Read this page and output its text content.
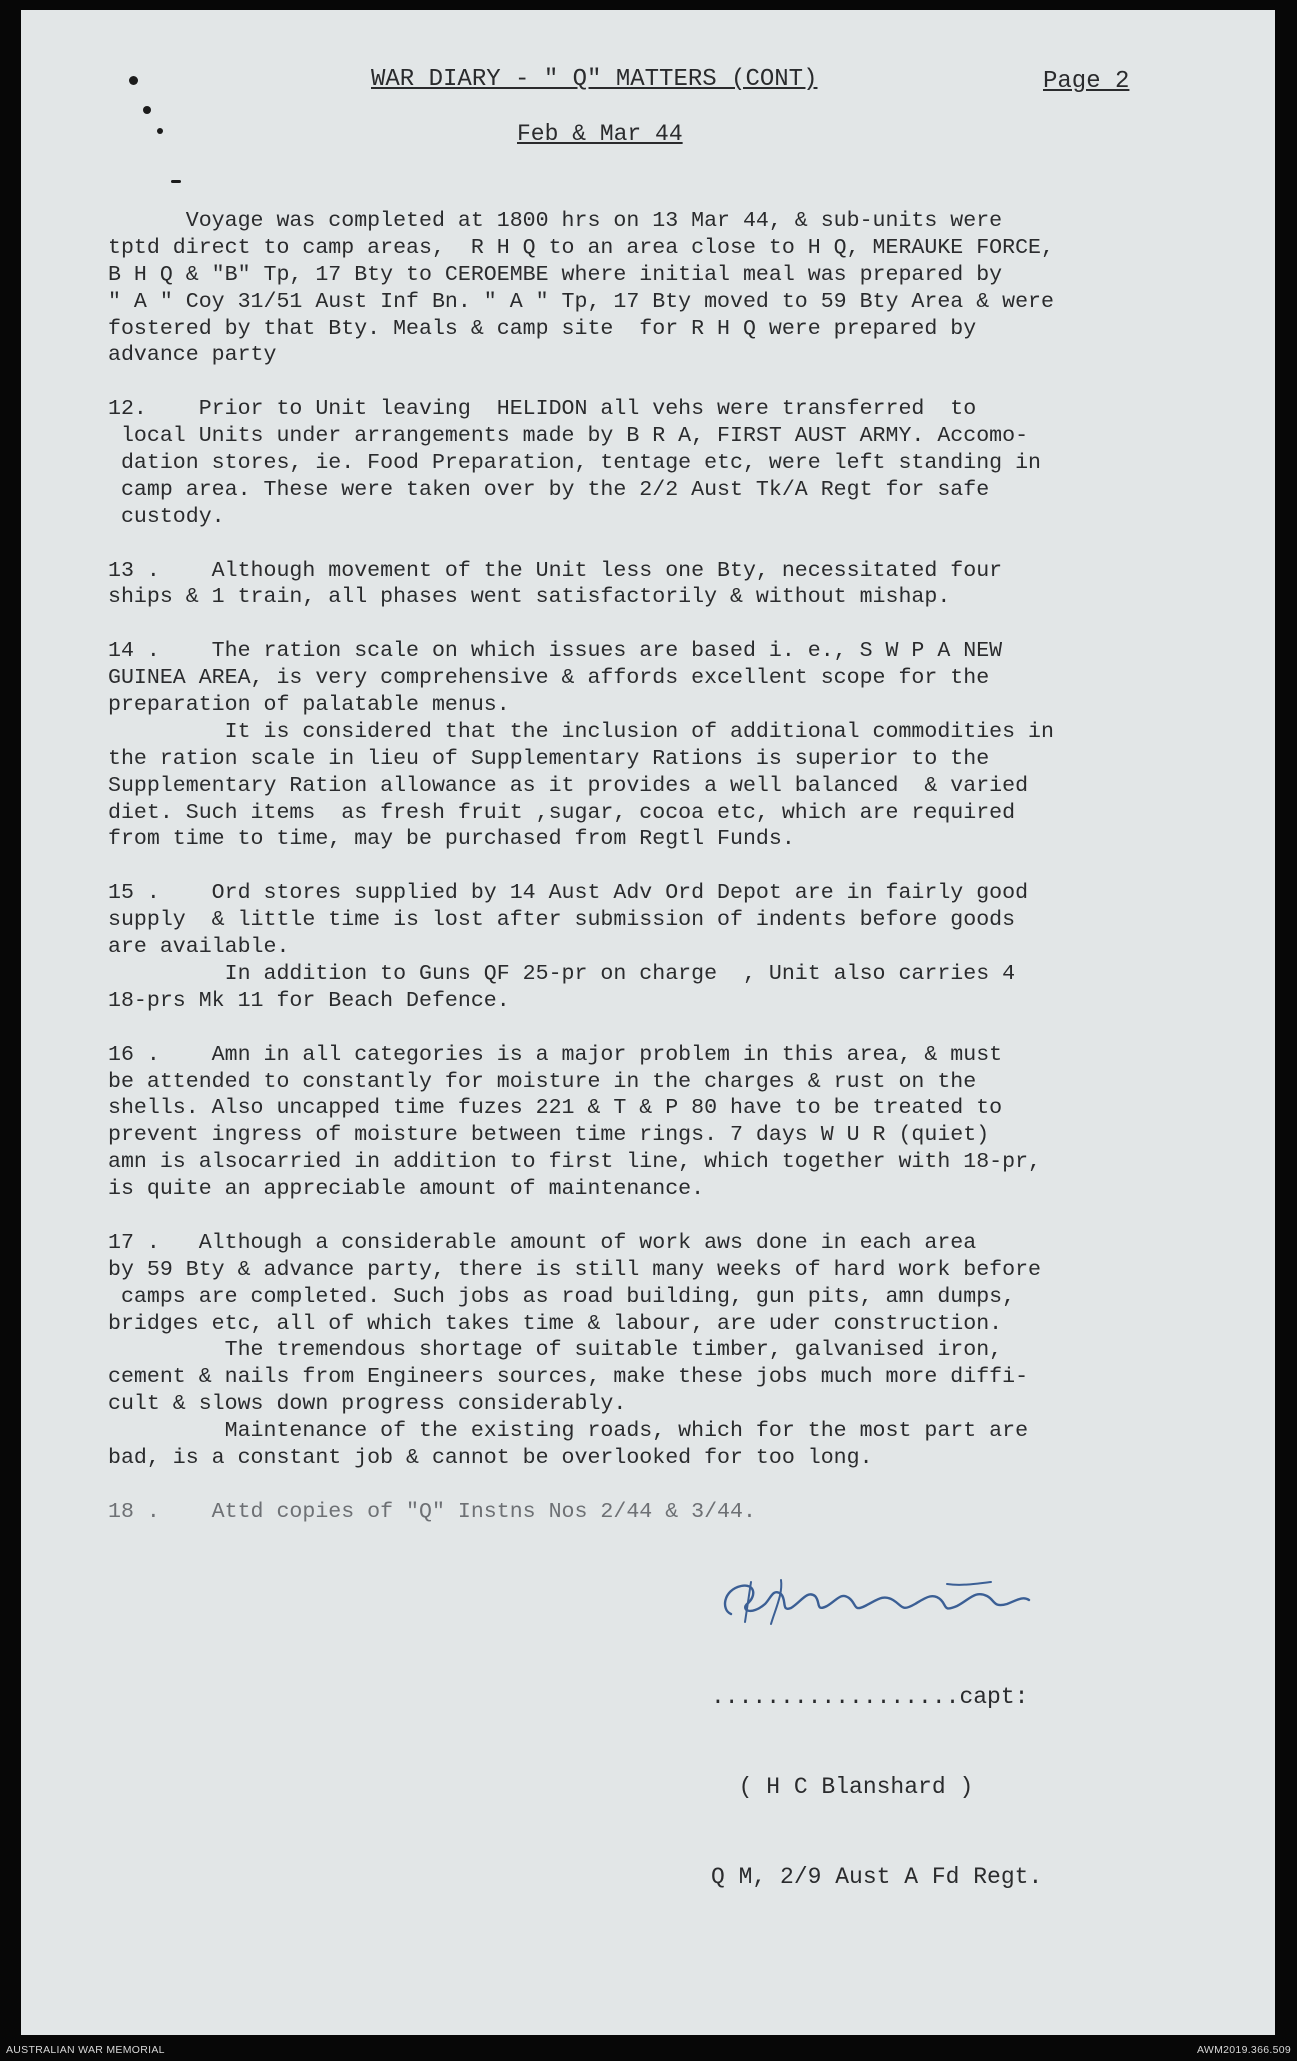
WAR DIARY - " Q" MATTERS (CONT)	Page 2
Feb & Mar 44
Voyage was completed at 1800 hrs on 13 Mar 44, & sub-units were
tptd direct to camp areas,  R H Q to an area close to H Q, MERAUKE FORCE,
B H Q & "B" Tp, 17 Bty to CEROEMBE where initial meal was prepared by
" A " Coy 31/51 Aust Inf Bn. " A " Tp, 17 Bty moved to 59 Bty Area & were
fostered by that Bty. Meals & camp site  for R H Q were prepared by
advance party
12.    Prior to Unit leaving  HELIDON all vehs were transferred  to
local Units under arrangements made by B R A, FIRST AUST ARMY. Accomo-
dation stores, ie. Food Preparation, tentage etc, were left standing in
camp area. These were taken over by the 2/2 Aust Tk/A Regt for safe
custody.
13 .    Although movement of the Unit less one Bty, necessitated four
ships & 1 train, all phases went satisfactorily & without mishap.
14 .    The ration scale on which issues are based i. e., S W P A NEW
GUINEA AREA, is very comprehensive & affords excellent scope for the
preparation of palatable menus.
It is considered that the inclusion of additional commodities in
the ration scale in lieu of Supplementary Rations is superior to the
Supplementary Ration allowance as it provides a well balanced  & varied
diet. Such items  as fresh fruit ,sugar, cocoa etc, which are required
from time to time, may be purchased from Regtl Funds.
15 .    Ord stores supplied by 14 Aust Adv Ord Depot are in fairly good
supply  & little time is lost after submission of indents before goods
are available.
In addition to Guns QF 25-pr on charge  , Unit also carries 4
18-prs Mk 11 for Beach Defence.
16 .    Amn in all categories is a major problem in this area, & must
be attended to constantly for moisture in the charges & rust on the
shells. Also uncapped time fuzes 221 & T & P 80 have to be treated to
prevent ingress of moisture between time rings. 7 days W U R (quiet)
amn is alsocarried in addition to first line, which together with 18-pr,
is quite an appreciable amount of maintenance.
17 .   Although a considerable amount of work aws done in each area
by 59 Bty & advance party, there is still many weeks of hard work before
camps are completed. Such jobs as road building, gun pits, amn dumps,
bridges etc, all of which takes time & labour, are uder construction.
The tremendous shortage of suitable timber, galvanised iron,
cement & nails from Engineers sources, make these jobs much more diffi-
cult & slows down progress considerably.
Maintenance of the existing roads, which for the most part are
bad, is a constant job & cannot be overlooked for too long.
18 .    Attd copies of "Q" Instns Nos 2/44 & 3/44.
GHC Blanshard

..................capt:

( H C Blanshard )

Q M, 2/9 Aust A Fd Regt.

AUSTRALIAN WAR MEMORIAL	AWM2019.366.509
